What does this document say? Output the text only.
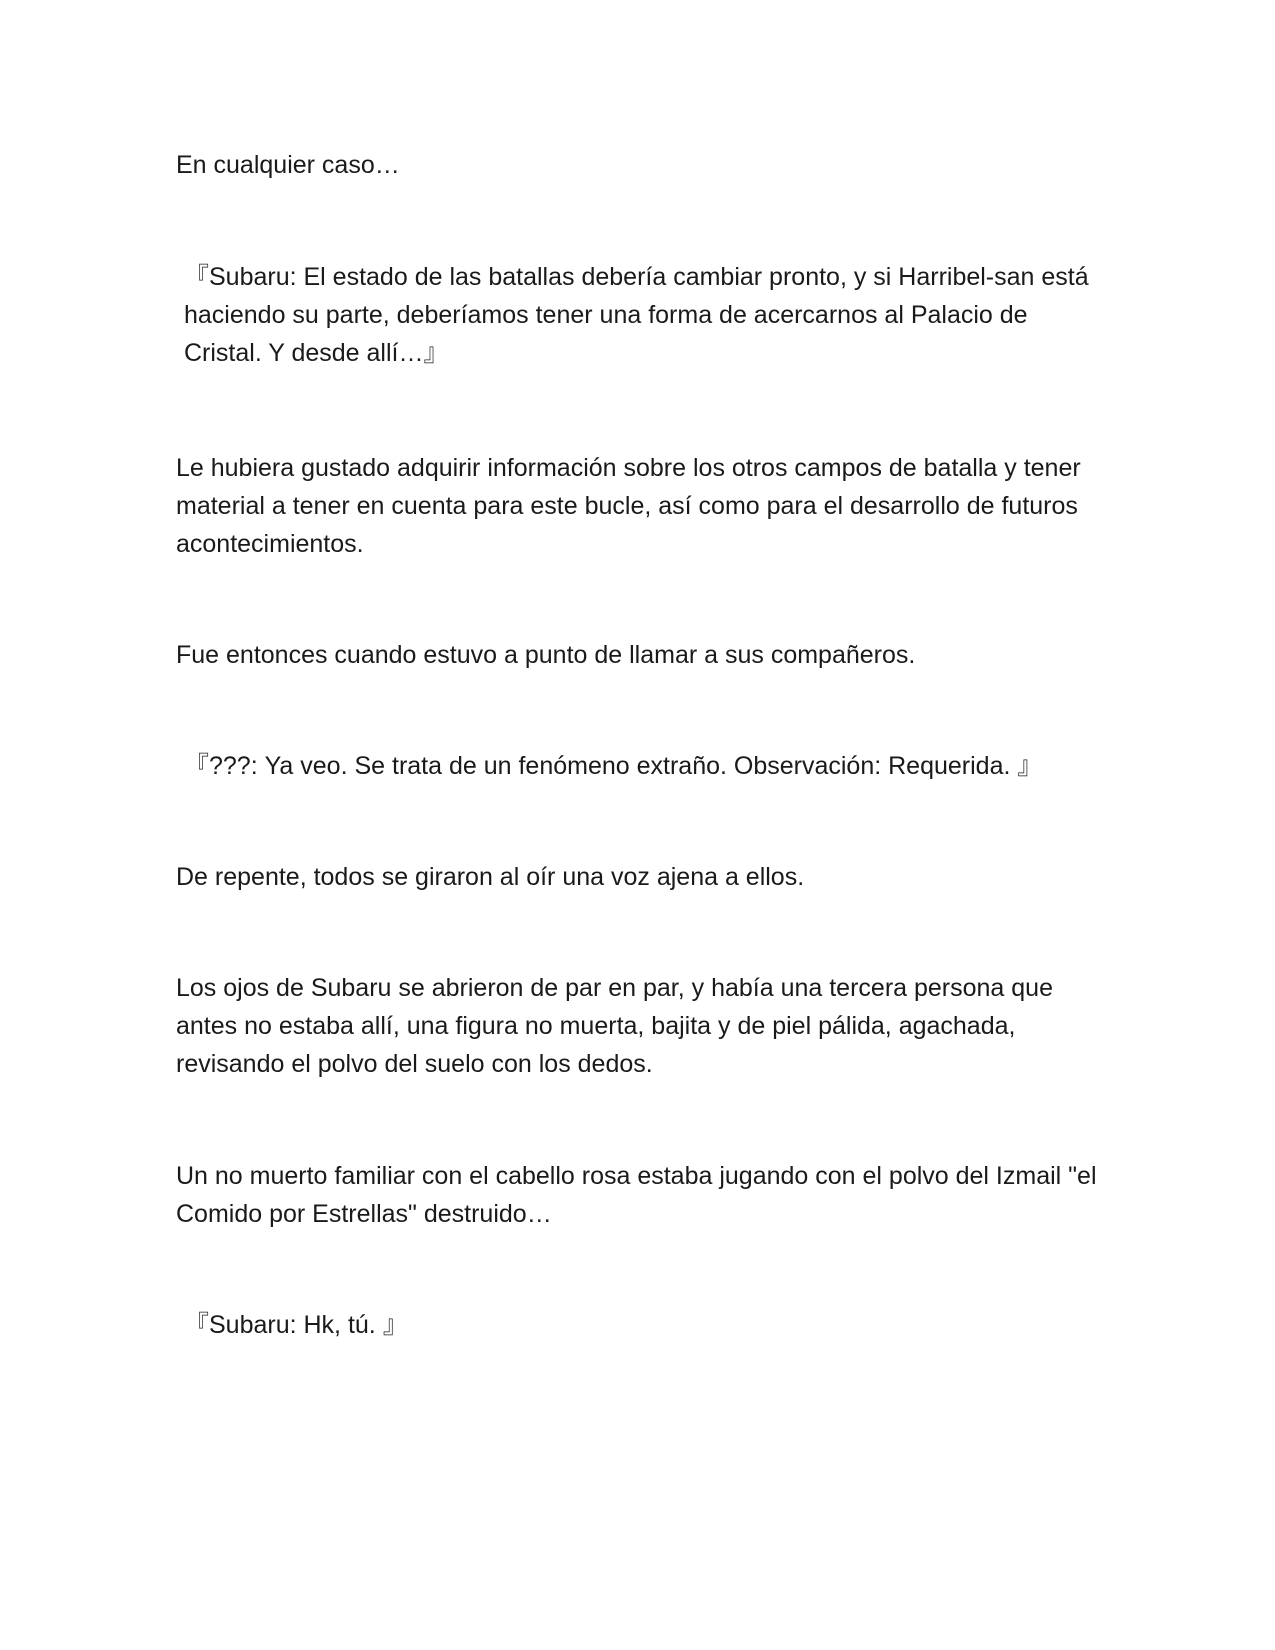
En cualquier caso…

『Subaru: El estado de las batallas debería cambiar pronto, y si Harribel-san está haciendo su parte, deberíamos tener una forma de acercarnos al Palacio de Cristal. Y desde allí…』

Le hubiera gustado adquirir información sobre los otros campos de batalla y tener material a tener en cuenta para este bucle, así como para el desarrollo de futuros acontecimientos.

Fue entonces cuando estuvo a punto de llamar a sus compañeros.

『???: Ya veo. Se trata de un fenómeno extraño. Observación: Requerida. 』

De repente, todos se giraron al oír una voz ajena a ellos.

Los ojos de Subaru se abrieron de par en par, y había una tercera persona que antes no estaba allí, una figura no muerta, bajita y de piel pálida, agachada, revisando el polvo del suelo con los dedos.

Un no muerto familiar con el cabello rosa estaba jugando con el polvo del Izmail "el Comido por Estrellas" destruido…

『Subaru: Hk, tú. 』
